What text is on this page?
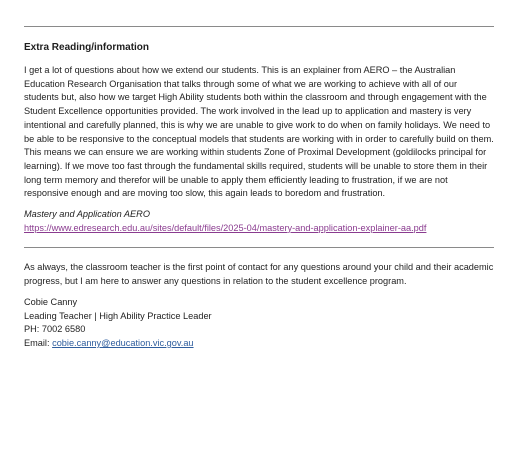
Extra Reading/information

I get a lot of questions about how we extend our students. This is an explainer from AERO – the Australian Education Research Organisation that talks through some of what we are working to achieve with all of our students but, also how we target High Ability students both within the classroom and through engagement with the Student Excellence opportunities provided. The work involved in the lead up to application and mastery is very intentional and carefully planned, this is why we are unable to give work to do when on family holidays. We need to be able to be responsive to the conceptual models that students are working with in order to carefully build on them. This means we can ensure we are working within students Zone of Proximal Development (goldilocks principal for learning). If we move too fast through the fundamental skills required, students will be unable to store them in their long term memory and therefor will be unable to apply them efficiently leading to frustration, if we are not responsive enough and are moving too slow, this again leads to boredom and frustration.

Mastery and Application AERO
https://www.edresearch.edu.au/sites/default/files/2025-04/mastery-and-application-explainer-aa.pdf

As always, the classroom teacher is the first point of contact for any questions around your child and their academic progress, but I am here to answer any questions in relation to the student excellence program.

Cobie Canny

Leading Teacher | High Ability Practice Leader

PH: 7002 6580

Email: cobie.canny@education.vic.gov.au
